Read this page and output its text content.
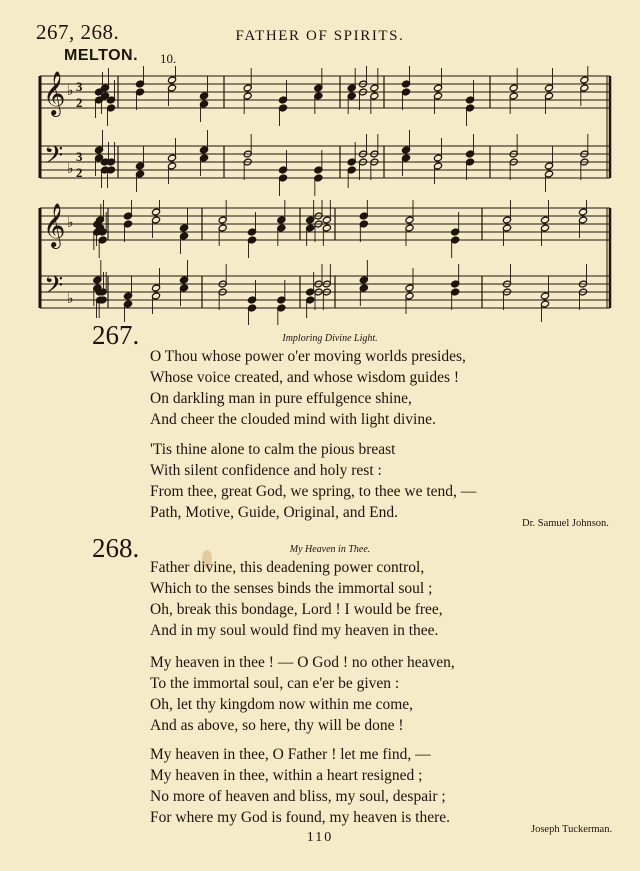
267, 268.	FATHER OF SPIRITS.
MELTON. 10.
𝄞
𝄢
♭
♭
3
2
3
2
𝄞
𝄢
♭
♭
267.	Imploring Divine Light.
O Thou whose power o'er moving worlds presides,
Whose voice created, and whose wisdom guides !
On darkling man in pure effulgence shine,
And cheer the clouded mind with light divine.
'Tis thine alone to calm the pious breast
With silent confidence and holy rest :
From thee, great God, we spring, to thee we tend, —
Path, Motive, Guide, Original, and End.
Dr. Samuel Johnson.
268.	My Heaven in Thee.
Father divine, this deadening power control,
Which to the senses binds the immortal soul ;
Oh, break this bondage, Lord ! I would be free,
And in my soul would find my heaven in thee.
My heaven in thee ! — O God ! no other heaven,
To the immortal soul, can e'er be given :
Oh, let thy kingdom now within me come,
And as above, so here, thy will be done !
My heaven in thee, O Father ! let me find, —
My heaven in thee, within a heart resigned ;
No more of heaven and bliss, my soul, despair ;
For where my God is found, my heaven is there.
Joseph Tuckerman.
110
